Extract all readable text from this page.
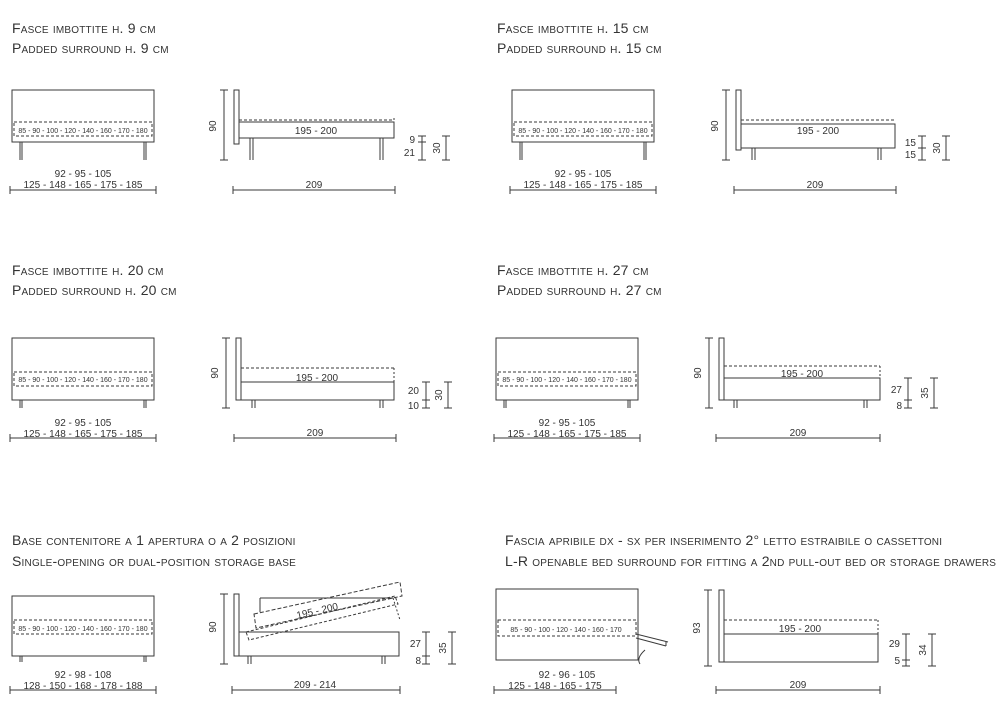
Fasce imbottite h. 9 cm
Padded surround h. 9 cm
Fasce imbottite h. 15 cm
Padded surround h. 15 cm
Fasce imbottite h. 20 cm
Padded surround h. 20 cm
Fasce imbottite h. 27 cm
Padded surround h. 27 cm
Base contenitore a 1 apertura o a 2 posizioni
Single-opening or dual-position storage base
Fascia apribile dx - sx per inserimento 2° letto estraibile o cassettoni
L-R openable bed surround for fitting a 2nd pull-out bed or storage drawers
85 - 90 - 100 - 120 - 140 - 160 - 170 - 180
92 - 95 - 105
125 - 148 - 165 - 175 - 185
195 - 200
209
90
9
21 30
85 - 90 - 100 - 120 - 140 - 160 - 170 - 180
92 - 95 - 105
125 - 148 - 165 - 175 - 185
195 - 200
209
90
15
15
30
85 - 90 - 100 - 120 - 140 - 160 - 170 - 180
92 - 95 - 105
125 - 148 - 165 - 175 - 185
195 - 200
209
90
20
10
30
85 - 90 - 100 - 120 - 140 - 160 - 170 - 180
92 - 95 - 105
125 - 148 - 165 - 175 - 185
195 - 200
209
90
27
8
35
85 - 90 - 100 - 120 - 140 - 160 - 170 - 180
92 - 98 - 108
128 - 150 - 168 - 178 - 188
195 - 200
209 - 214
90
27
8
35
85 - 90 - 100 - 120 - 140 - 160 - 170
92 - 96 - 105
125 - 148 - 165 - 175
195 - 200
209
93
29
5
34
